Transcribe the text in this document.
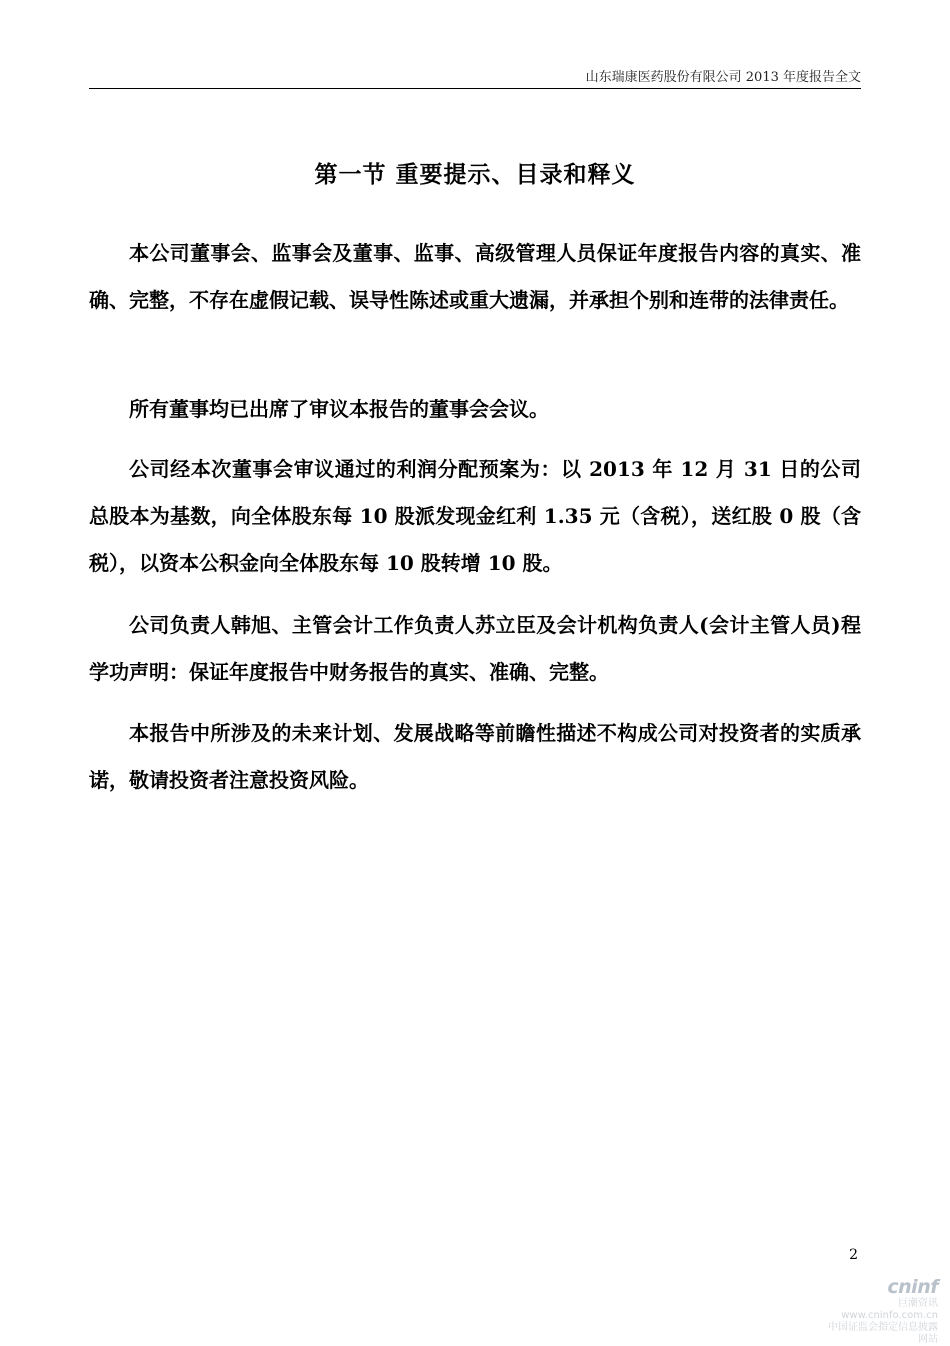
山东瑞康医药股份有限公司 2013 年度报告全文
第一节 重要提示、目录和释义

本公司董事会、监事会及董事、监事、高级管理人员保证年度报告内容的真实、准确、完整，不存在虚假记载、误导性陈述或重大遗漏，并承担个别和连带的法律责任。

所有董事均已出席了审议本报告的董事会会议。

公司经本次董事会审议通过的利润分配预案为：以 2013 年 12 月 31 日的公司总股本为基数，向全体股东每 10 股派发现金红利 1.35 元（含税），送红股 0 股（含税），以资本公积金向全体股东每 10 股转增 10 股。

公司负责人韩旭、主管会计工作负责人苏立臣及会计机构负责人(会计主管人员)程学功声明：保证年度报告中财务报告的真实、准确、完整。

本报告中所涉及的未来计划、发展战略等前瞻性描述不构成公司对投资者的实质承诺，敬请投资者注意投资风险。

2
cninf
巨潮资讯
www.cninfo.com.cn
中国证监会指定信息披露网站
